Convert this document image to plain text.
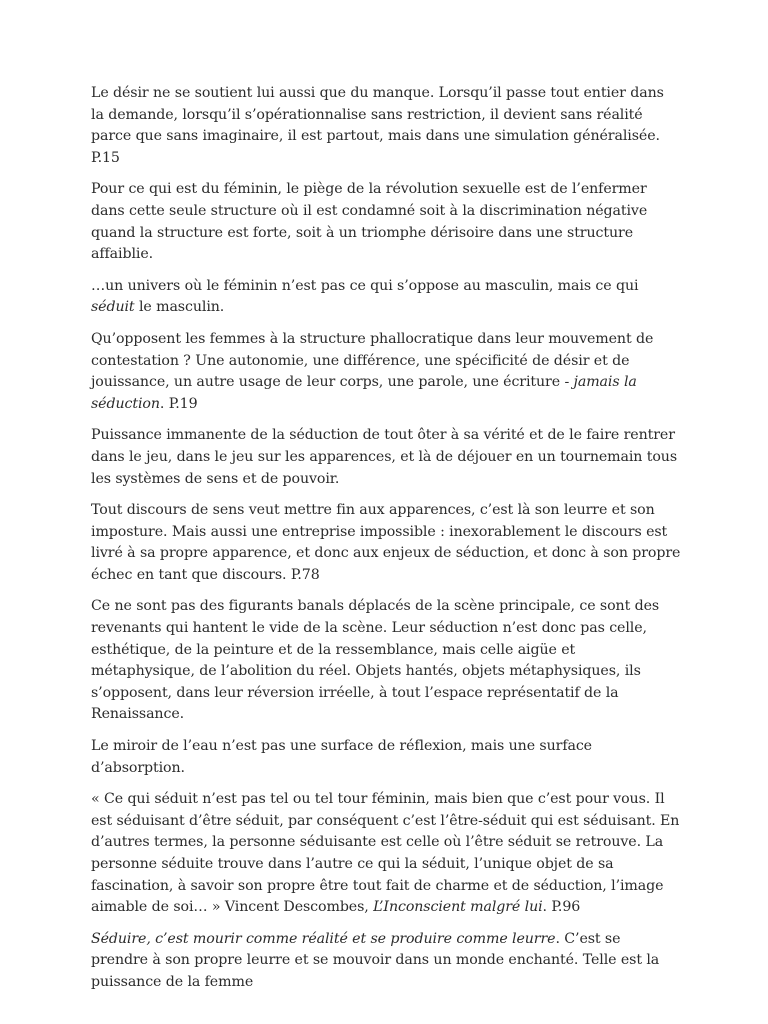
Le désir ne se soutient lui aussi que du manque. Lorsqu’il passe tout entier dans la demande, lorsqu’il s’opérationnalise sans restriction, il devient sans réalité parce que sans imaginaire, il est partout, mais dans une simulation généralisée. P.15

Pour ce qui est du féminin, le piège de la révolution sexuelle est de l’enfermer dans cette seule structure où il est condamné soit à la discrimination négative quand la structure est forte, soit à un triomphe dérisoire dans une structure affaiblie.

…un univers où le féminin n’est pas ce qui s’oppose au masculin, mais ce qui séduit le masculin.

Qu’opposent les femmes à la structure phallocratique dans leur mouvement de contestation ? Une autonomie, une différence, une spécificité de désir et de jouissance, un autre usage de leur corps, une parole, une écriture - jamais la séduction. P.19

Puissance immanente de la séduction de tout ôter à sa vérité et de le faire rentrer dans le jeu, dans le jeu sur les apparences, et là de déjouer en un tournemain tous les systèmes de sens et de pouvoir.

Tout discours de sens veut mettre fin aux apparences, c’est là son leurre et son imposture. Mais aussi une entreprise impossible : inexorablement le discours est livré à sa propre apparence, et donc aux enjeux de séduction, et donc à son propre échec en tant que discours. P.78

Ce ne sont pas des figurants banals déplacés de la scène principale, ce sont des revenants qui hantent le vide de la scène. Leur séduction n’est donc pas celle, esthétique, de la peinture et de la ressemblance, mais celle aigüe et métaphysique, de l’abolition du réel. Objets hantés, objets métaphysiques, ils s’opposent, dans leur réversion irréelle, à tout l’espace représentatif de la Renaissance.

Le miroir de l’eau n’est pas une surface de réflexion, mais une surface d’absorption.

« Ce qui séduit n’est pas tel ou tel tour féminin, mais bien que c’est pour vous. Il est séduisant d’être séduit, par conséquent c’est l’être-séduit qui est séduisant. En d’autres termes, la personne séduisante est celle où l’être séduit se retrouve. La personne séduite trouve dans l’autre ce qui la séduit, l’unique objet de sa fascination, à savoir son propre être tout fait de charme et de séduction, l’image aimable de soi… » Vincent Descombes, L’Inconscient malgré lui. P.96

Séduire, c’est mourir comme réalité et se produire comme leurre. C’est se prendre à son propre leurre et se mouvoir dans un monde enchanté. Telle est la puissance de la femme
